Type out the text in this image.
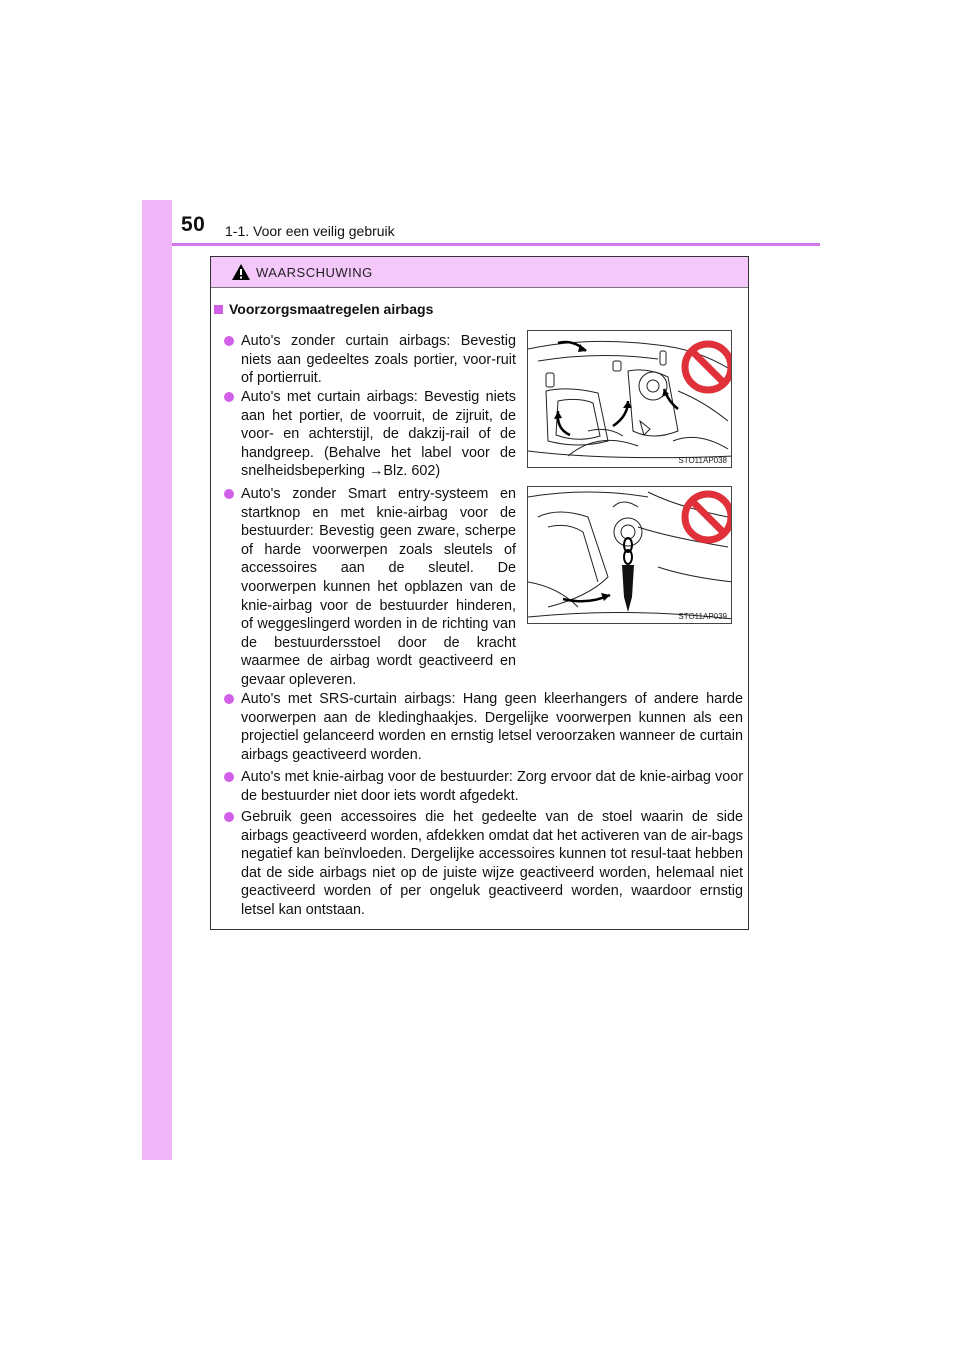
50 1-1. Voor een veilig gebruik
WAARSCHUWING
Voorzorgsmaatregelen airbags
Auto's zonder curtain airbags: Bevestig niets aan gedeeltes zoals portier, voor-ruit of portierruit.
Auto's met curtain airbags: Bevestig niets aan het portier, de voorruit, de zijruit, de voor- en achterstijl, de dakzij-rail of de handgreep. (Behalve het label voor de snelheidsbeperking →Blz. 602)
Auto's zonder Smart entry-systeem en startknop en met knie-airbag voor de bestuurder: Bevestig geen zware, scherpe of harde voorwerpen zoals sleutels of accessoires aan de sleutel. De voorwerpen kunnen het opblazen van de knie-airbag voor de bestuurder hinderen, of weggeslingerd worden in de richting van de bestuurdersstoel door de kracht waarmee de airbag wordt geactiveerd en gevaar opleveren.
Auto's met SRS-curtain airbags: Hang geen kleerhangers of andere harde voorwerpen aan de kledinghaakjes. Dergelijke voorwerpen kunnen als een projectiel gelanceerd worden en ernstig letsel veroorzaken wanneer de curtain airbags geactiveerd worden.
Auto's met knie-airbag voor de bestuurder: Zorg ervoor dat de knie-airbag voor de bestuurder niet door iets wordt afgedekt.
Gebruik geen accessoires die het gedeelte van de stoel waarin de side airbags geactiveerd worden, afdekken omdat dat het activeren van de air-bags negatief kan beïnvloeden. Dergelijke accessoires kunnen tot resul-taat hebben dat de side airbags niet op de juiste wijze geactiveerd worden, helemaal niet geactiveerd worden of per ongeluk geactiveerd worden, waardoor ernstig letsel kan ontstaan.
STO11AP038
STO11AP039
